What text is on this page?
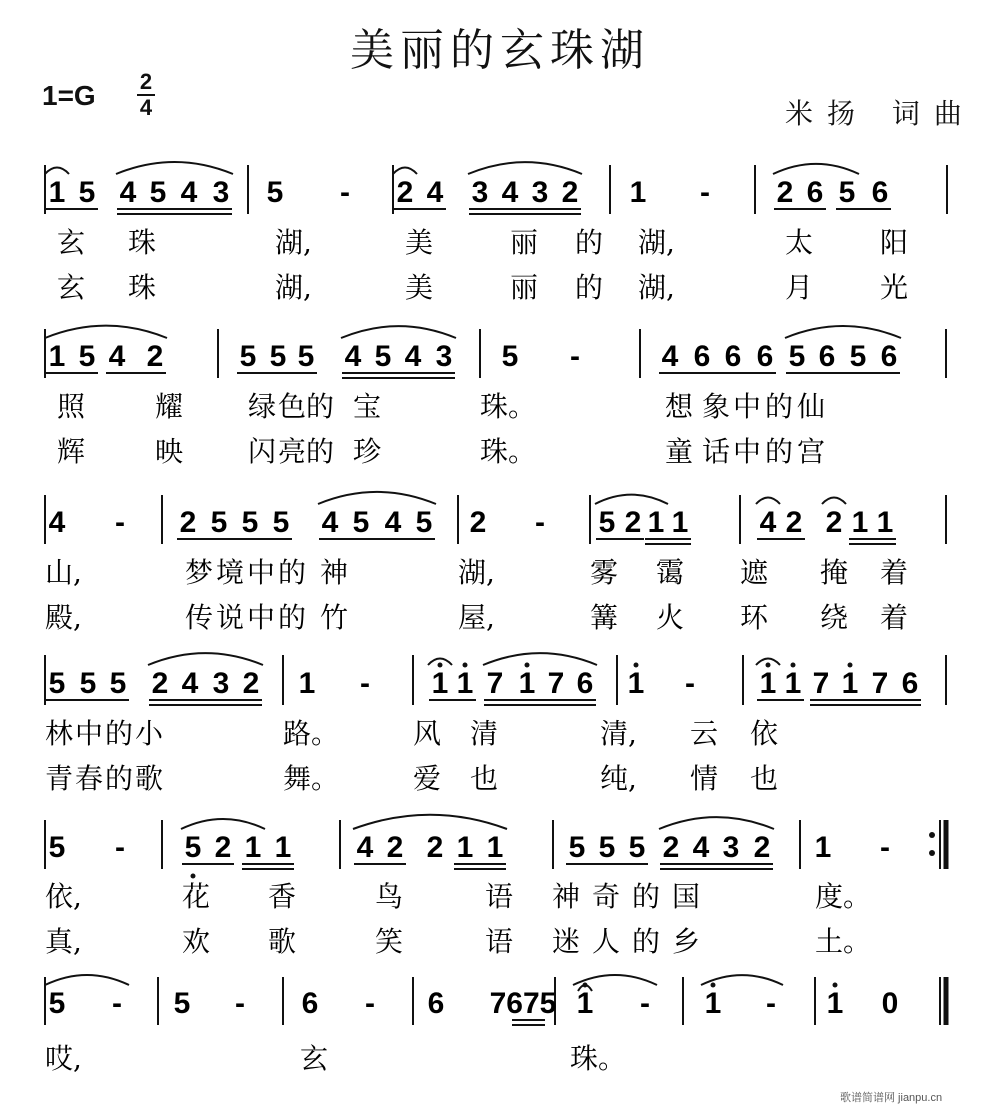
美丽的玄珠湖
1=G 2
4	米扬 词曲
1 5 4 5 4 3 5 - 2 4 3 4 3 2 1 - 2 6 5 6
玄 珠	湖,	美	丽 的 湖,	太 阳
玄 珠	湖,	美	丽 的 湖,	月 光
1 5 4 2	5 5 5 4 5 4 3 5 -	4 6 6 6 5 6 5 6
照 耀 绿 色 的 宝	珠。	想 象 中 的 仙
辉 映 闪 亮 的 珍	珠。	童 话 中 的 宫
4 - 2 5 5 5 4 5 4 5 2 - 5 2 1 1 4 2 2 1 1
山,	梦 境 中 的 神	湖,	雾 霭 遮 掩 着
殿,	传 说 中 的 竹	屋,	篝 火 环 绕 着
5 5 5 2 4 3 2 1 - 1 1 7 1 7 6 1 - 1 1 7 1 7 6
林 中 的 小	路。	风 清	清, 云 依
青 春 的 歌	舞。	爱 也	纯, 情 也
5 - 5 2 1 1 4 2 2 1 1 5 5 5 2 4 3 2 1 -
依,	花 香	鸟	语 神 奇 的 国	度。
真,	欢 歌	笑	语 迷 人 的 乡	土。
5 - 5 - 6 - 6 7675 1 - 1 - 1 0
哎,	玄	珠。
歌谱简谱网 jianpu.cn
